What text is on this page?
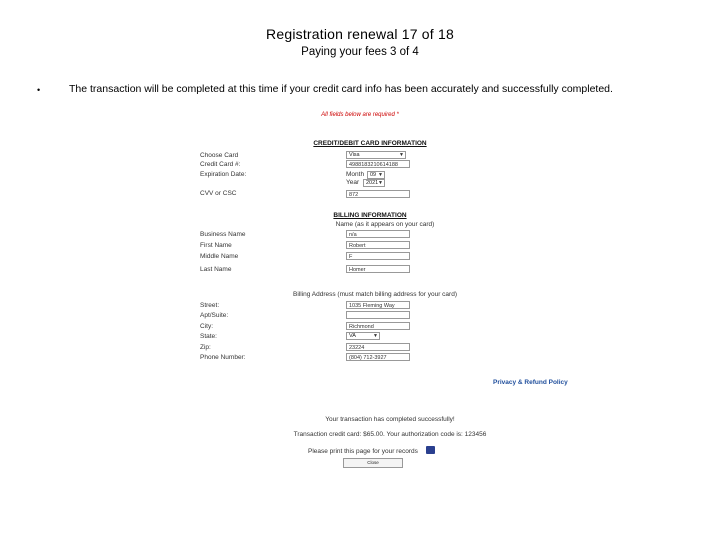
Registration renewal 17 of 18
Paying your fees 3 of 4
•	The transaction will be completed at this time if your credit card info has been accurately and successfully completed.
All fields below are required *
CREDIT/DEBIT CARD INFORMATION
Choose Card	Visa	▼
Credit Card #:	4988183210614188
Expiration Date:	Month	09 ▼
Year	2021 ▼
CVV or CSC	872
BILLING INFORMATION
Name (as it appears on your card)
Business Name	n/a
First Name	Robert
Middle Name	F
Last Name	Homer
Billing Address (must match billing address for your card)
Street:	1035 Fleming Way
Apt/Suite:
City:	Richmond
State:	VA	▼
Zip:	23224
Phone Number:	(804) 712-3927
Privacy & Refund Policy
Your transaction has completed successfully!
Transaction credit card: $65.00. Your authorization code is: 123456
Please print this page for your records
Close
